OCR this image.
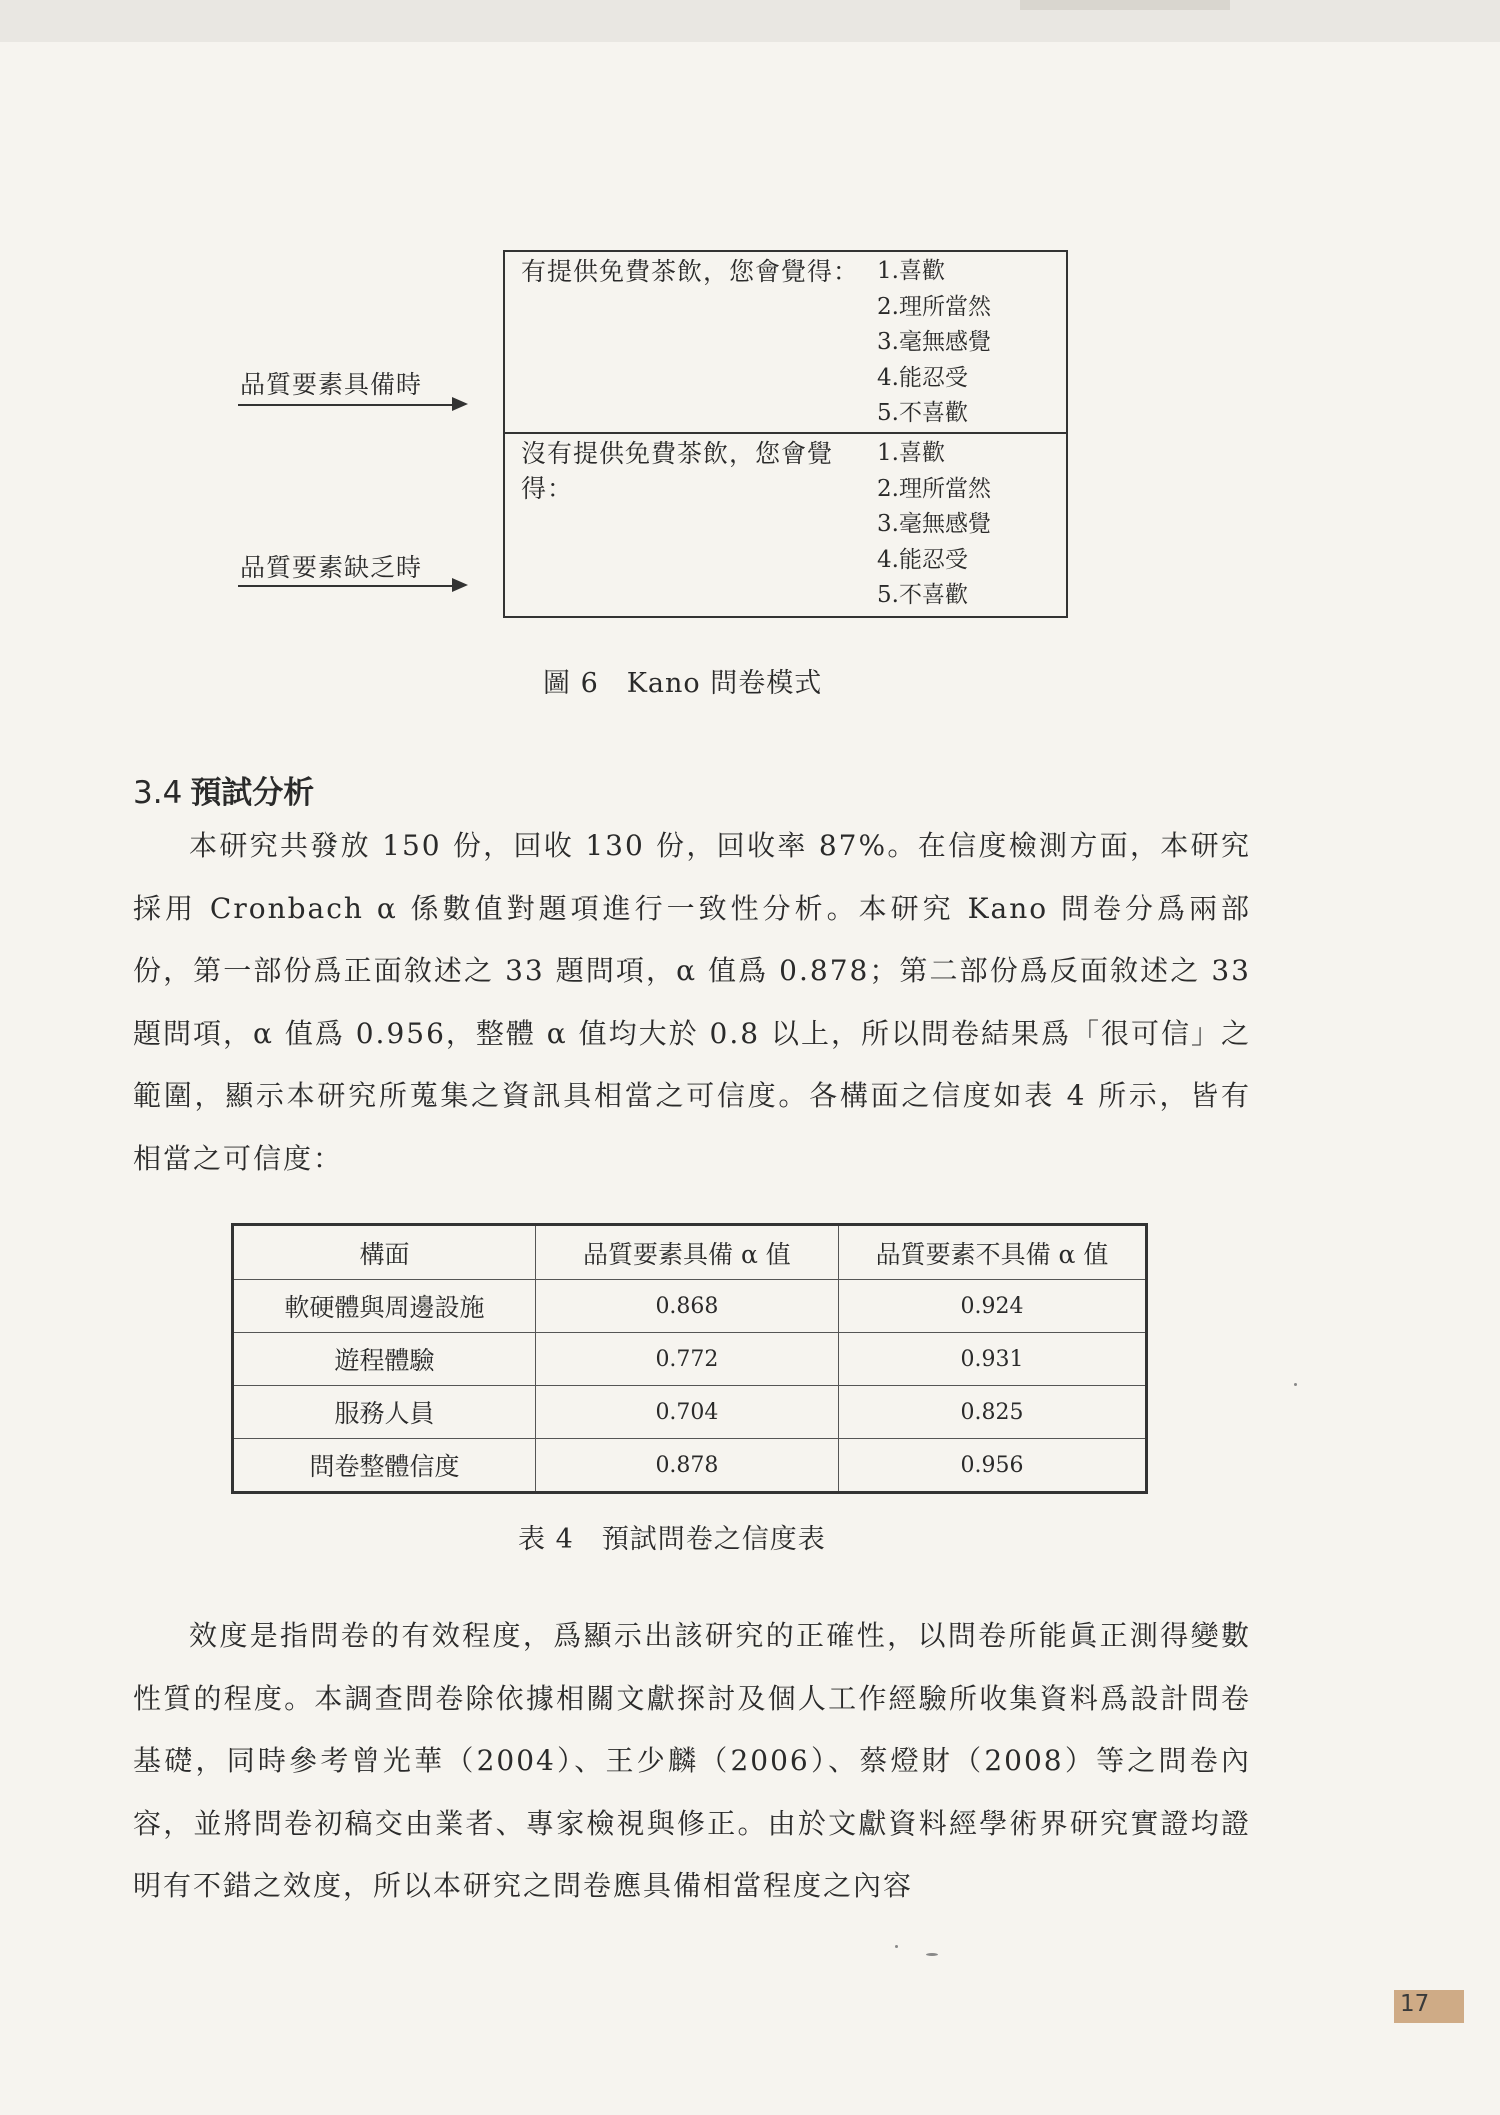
品質要素具備時
品質要素缺乏時
有提供免費茶飲，您會覺得： 1.喜歡
2.理所當然
3.毫無感覺
4.能忍受
5.不喜歡
沒有提供免費茶飲，您會覺
得：
1.喜歡
2.理所當然
3.毫無感覺
4.能忍受
5.不喜歡
圖 6　Kano 問卷模式
3.4 預試分析

本研究共發放 150 份，回收 130 份，回收率 87%。在信度檢測方面，本研究採用 Cronbach α 係數值對題項進行一致性分析。本研究 Kano 問卷分爲兩部份，第一部份爲正面敘述之 33 題問項，α 值爲 0.878；第二部份爲反面敘述之 33 題問項，α 值爲 0.956，整體 α 值均大於 0.8 以上，所以問卷結果爲「很可信」之範圍，顯示本研究所蒐集之資訊具相當之可信度。各構面之信度如表 4 所示，皆有相當之可信度：

構面	品質要素具備 α 值	品質要素不具備 α 值
軟硬體與周邊設施	0.868	0.924
遊程體驗	0.772	0.931
服務人員	0.704	0.825
問卷整體信度	0.878	0.956
表 4　預試問卷之信度表

效度是指問卷的有效程度，爲顯示出該研究的正確性，以問卷所能眞正測得變數性質的程度。本調查問卷除依據相關文獻探討及個人工作經驗所收集資料爲設計問卷基礎，同時參考曾光華（2004）、王少麟（2006）、蔡燈財（2008）等之問卷內容，並將問卷初稿交由業者、專家檢視與修正。由於文獻資料經學術界研究實證均證明有不錯之效度，所以本研究之問卷應具備相當程度之內容

17
